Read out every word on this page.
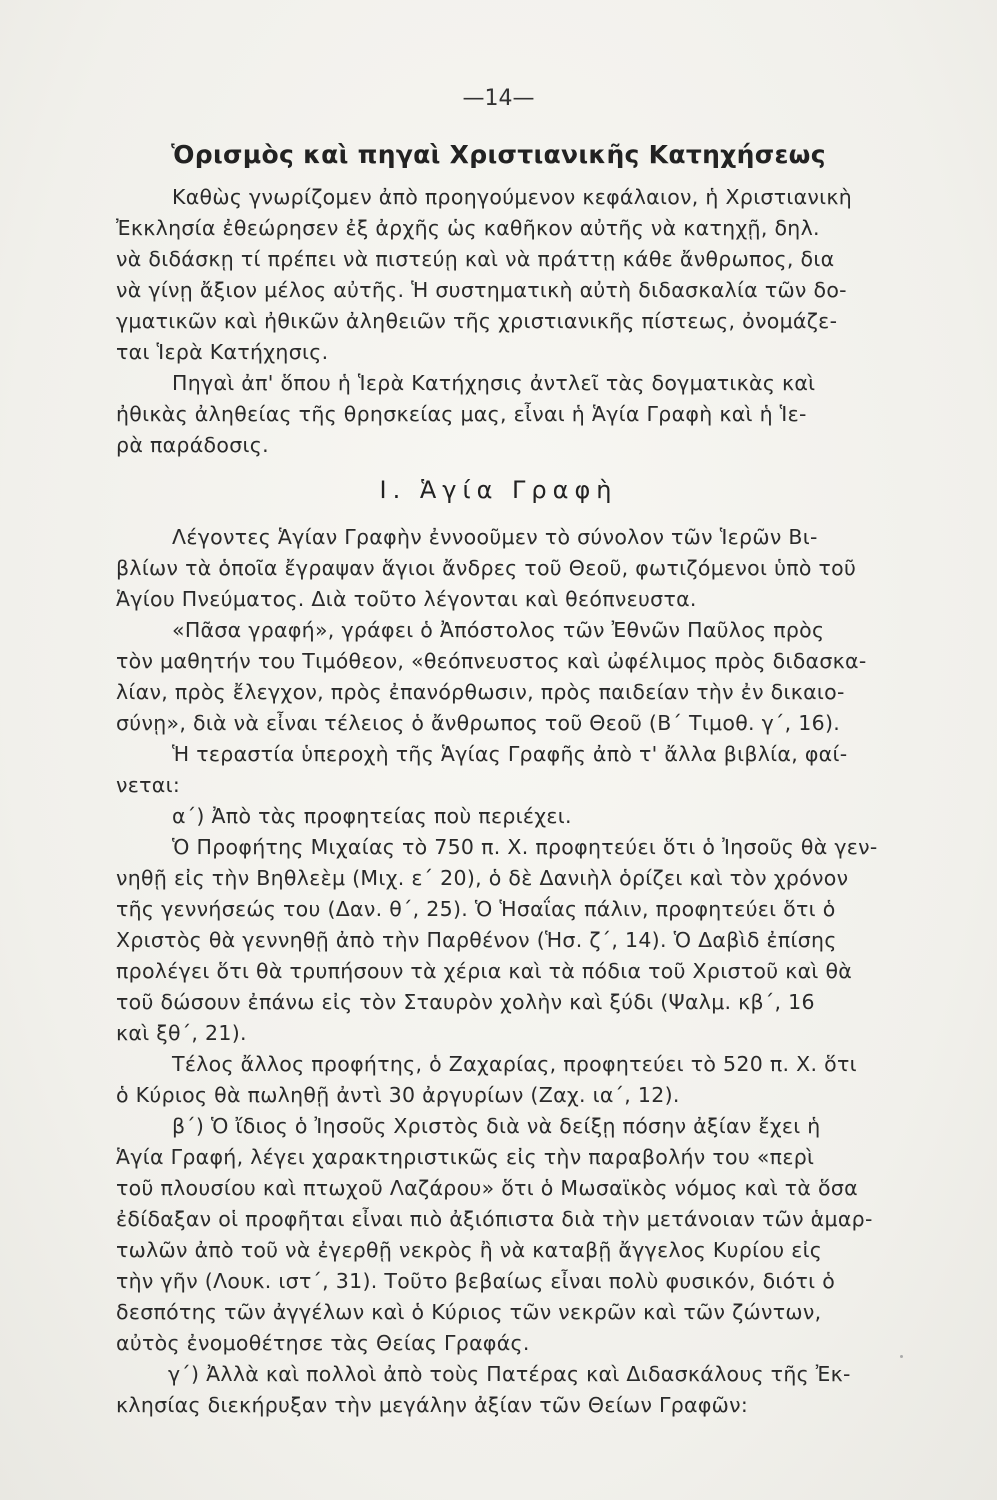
—14—
Ὁρισμὸς καὶ πηγαὶ Χριστιανικῆς Κατηχήσεως
Καθὼς γνωρίζομεν ἀπὸ προηγούμενον κεφάλαιον, ἡ Χριστιανικὴ
Ἐκκλησία ἐθεώρησεν ἐξ ἀρχῆς ὡς καθῆκον αὐτῆς νὰ κατηχῇ, δηλ.
νὰ διδάσκῃ τί πρέπει νὰ πιστεύῃ καὶ νὰ πράττῃ κάθε ἄνθρωπος, δια
νὰ γίνῃ ἄξιον μέλος αὐτῆς. Ἡ συστηματικὴ αὐτὴ διδασκαλία τῶν δο-
γματικῶν καὶ ἠθικῶν ἀληθειῶν τῆς χριστιανικῆς πίστεως, ὀνομάζε-
ται Ἱερὰ Κατήχησις.
Πηγαὶ ἀπ' ὅπου ἡ Ἱερὰ Κατήχησις ἀντλεῖ τὰς δογματικὰς καὶ
ἠθικὰς ἀληθείας τῆς θρησκείας μας, εἶναι ἡ Ἁγία Γραφὴ καὶ ἡ Ἱε-
ρὰ παράδοσις.
Ι. Ἁγία Γραφὴ
Λέγοντες Ἁγίαν Γραφὴν ἐννοοῦμεν τὸ σύνολον τῶν Ἱερῶν Βι-
βλίων τὰ ὁποῖα ἔγραψαν ἅγιοι ἄνδρες τοῦ Θεοῦ, φωτιζόμενοι ὑπὸ τοῦ
Ἁγίου Πνεύματος. Διὰ τοῦτο λέγονται καὶ θεόπνευστα.
«Πᾶσα γραφή», γράφει ὁ Ἀπόστολος τῶν Ἐθνῶν Παῦλος πρὸς
τὸν μαθητήν του Τιμόθεον, «θεόπνευστος καὶ ὠφέλιμος πρὸς διδασκα-
λίαν, πρὸς ἔλεγχον, πρὸς ἐπανόρθωσιν, πρὸς παιδείαν τὴν ἐν δικαιο-
σύνῃ», διὰ νὰ εἶναι τέλειος ὁ ἄνθρωπος τοῦ Θεοῦ (Β΄ Τιμοθ. γ΄, 16).
Ἡ τεραστία ὑπεροχὴ τῆς Ἁγίας Γραφῆς ἀπὸ τ' ἄλλα βιβλία, φαί-
νεται:
α΄) Ἀπὸ τὰς προφητείας ποὺ περιέχει.
Ὁ Προφήτης Μιχαίας τὸ 750 π. Χ. προφητεύει ὅτι ὁ Ἰησοῦς θὰ γεν-
νηθῇ εἰς τὴν Βηθλεὲμ (Μιχ. ε΄ 20), ὁ δὲ Δανιὴλ ὁρίζει καὶ τὸν χρόνον
τῆς γεννήσεώς του (Δαν. θ΄, 25). Ὁ Ἡσαΐας πάλιν, προφητεύει ὅτι ὁ
Χριστὸς θὰ γεννηθῇ ἀπὸ τὴν Παρθένον (Ἡσ. ζ΄, 14). Ὁ Δαβὶδ ἐπίσης
προλέγει ὅτι θὰ τρυπήσουν τὰ χέρια καὶ τὰ πόδια τοῦ Χριστοῦ καὶ θὰ
τοῦ δώσουν ἐπάνω εἰς τὸν Σταυρὸν χολὴν καὶ ξύδι (Ψαλμ. κβ΄, 16
καὶ ξθ΄, 21).
Τέλος ἄλλος προφήτης, ὁ Ζαχαρίας, προφητεύει τὸ 520 π. Χ. ὅτι
ὁ Κύριος θὰ πωληθῇ ἀντὶ 30 ἀργυρίων (Ζαχ. ια΄, 12).
β΄) Ὁ ἴδιος ὁ Ἰησοῦς Χριστὸς διὰ νὰ δείξῃ πόσην ἀξίαν ἔχει ἡ
Ἁγία Γραφή, λέγει χαρακτηριστικῶς εἰς τὴν παραβολήν του «περὶ
τοῦ πλουσίου καὶ πτωχοῦ Λαζάρου» ὅτι ὁ Μωσαϊκὸς νόμος καὶ τὰ ὅσα
ἐδίδαξαν οἱ προφῆται εἶναι πιὸ ἀξιόπιστα διὰ τὴν μετάνοιαν τῶν ἁμαρ-
τωλῶν ἀπὸ τοῦ νὰ ἐγερθῇ νεκρὸς ἢ νὰ καταβῇ ἄγγελος Κυρίου εἰς
τὴν γῆν (Λουκ. ιστ΄, 31). Τοῦτο βεβαίως εἶναι πολὺ φυσικόν, διότι ὁ
δεσπότης τῶν ἀγγέλων καὶ ὁ Κύριος τῶν νεκρῶν καὶ τῶν ζώντων,
αὐτὸς ἐνομοθέτησε τὰς Θείας Γραφάς.
γ΄) Ἀλλὰ καὶ πολλοὶ ἀπὸ τοὺς Πατέρας καὶ Διδασκάλους τῆς Ἐκ-
κλησίας διεκήρυξαν τὴν μεγάλην ἀξίαν τῶν Θείων Γραφῶν:
